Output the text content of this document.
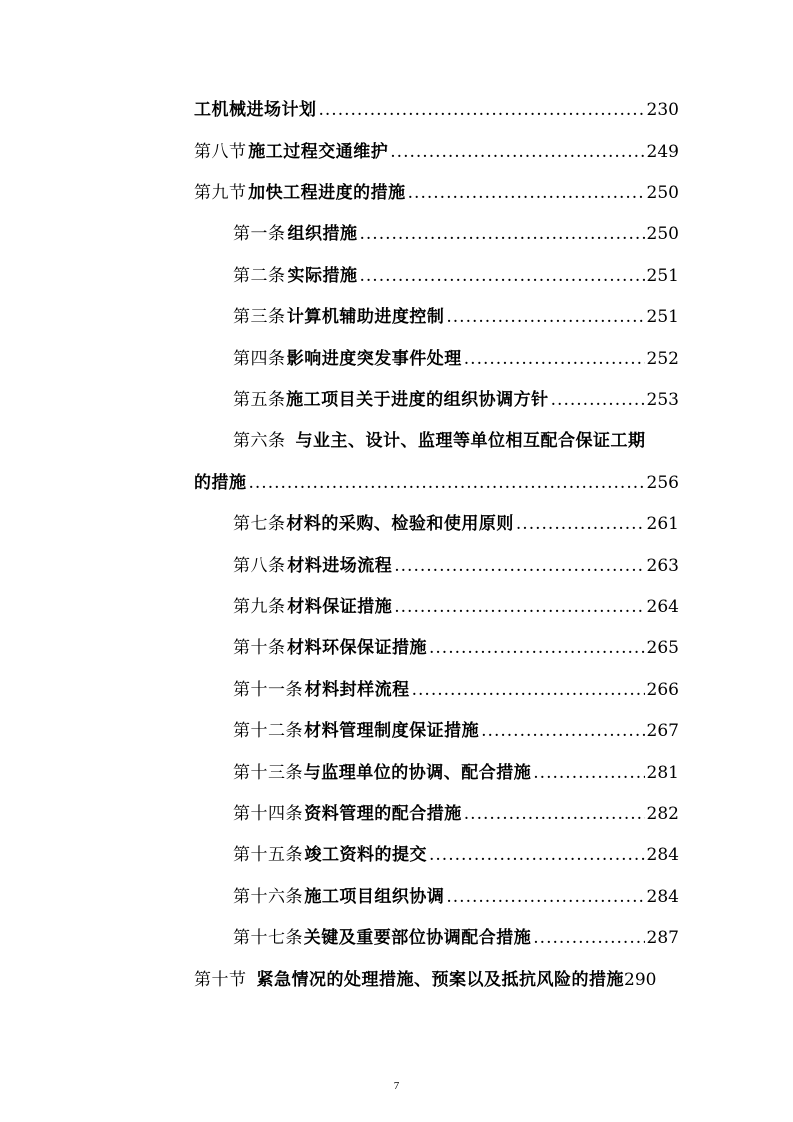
工机械进场计划 .....	230
第八节 施工过程交通维护 .....	249
第九节 加快工程进度的措施 .....	250
第一条 组织措施 .....	250
第二条 实际措施 .....	251
第三条 计算机辅助进度控制 .....	251
第四条 影响进度突发事件处理 .....	252
第五条 施工项目关于进度的组织协调方针 .....	253
第六条 与业主、设计、监理等单位相互配合保证工期
的措施 .....	256
第七条 材料的采购、检验和使用原则 .....	261
第八条 材料进场流程 .....	263
第九条 材料保证措施 .....	264
第十条 材料环保保证措施 .....	265
第十一条 材料封样流程 .....	266
第十二条 材料管理制度保证措施 .....	267
第十三条 与监理单位的协调、配合措施 .....	281
第十四条 资料管理的配合措施 .....	282
第十五条 竣工资料的提交 .....	284
第十六条 施工项目组织协调 .....	284
第十七条 关键及重要部位协调配合措施 .....	287
第十节 紧急情况的处理措施、预案以及抵抗风险的措施 290
7
